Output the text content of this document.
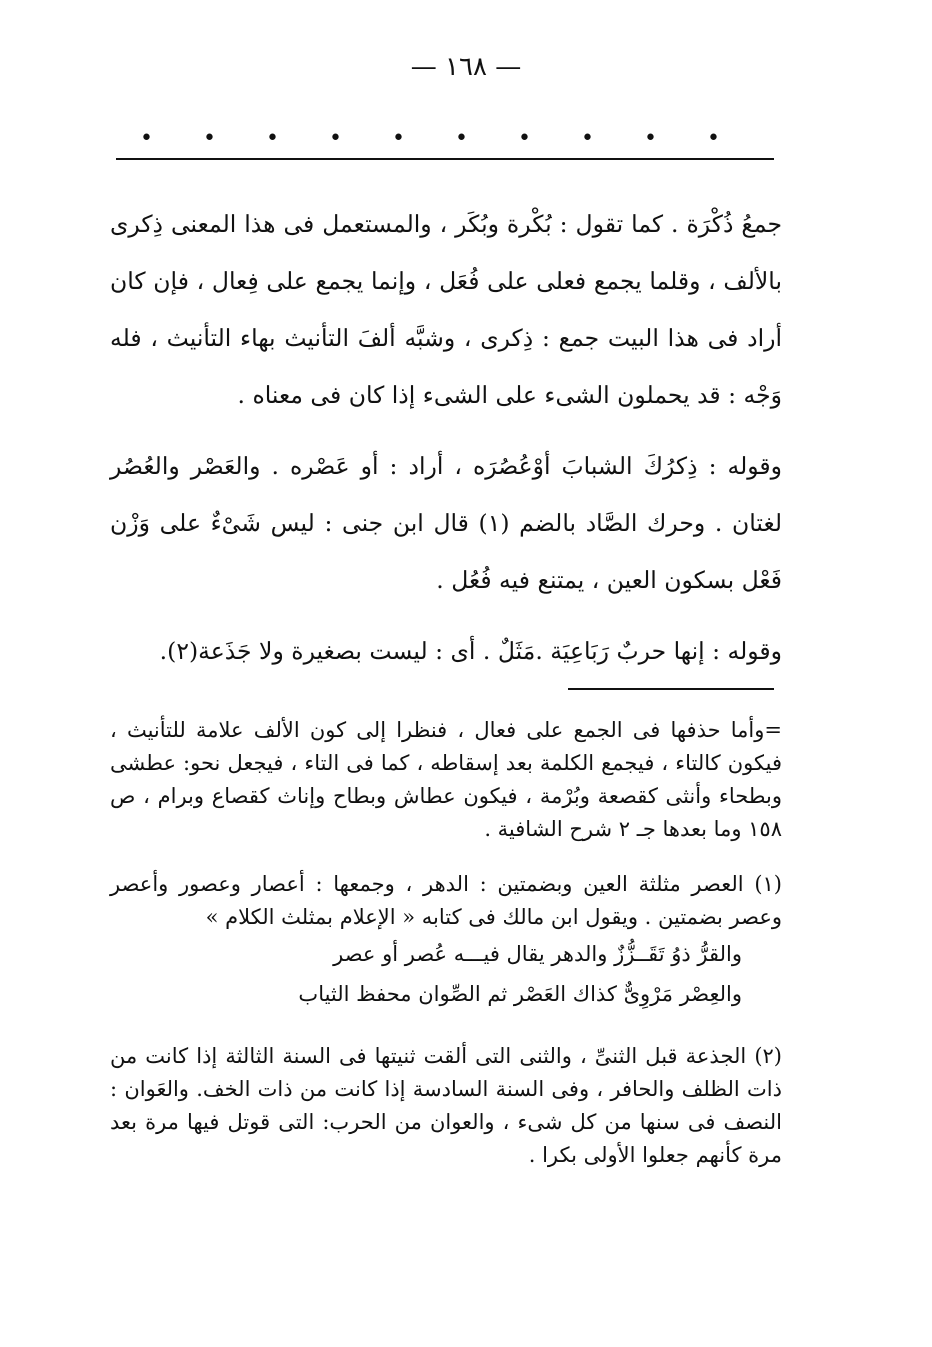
— ١٦٨ —
• • • • • • • • • •

جمعُ ذُكْرَة . كما تقول : بُكْرة وبُكَر ، والمستعمل فى هذا المعنى ذِكرى بالألف ، وقلما يجمع فعلى على فُعَل ، وإنما يجمع على فِعال ، فإن كان أراد فى هذا البيت جمع : ذِكرى ، وشبَّه ألفَ التأنيث بهاء التأنيث ، فله وَجْه : قد يحملون الشىء على الشىء إذا كان فى معناه .

وقوله : ذِكرُكَ الشبابَ أوْعُصُرَه ، أراد : أو عَصْره . والعَصْر والعُصُر لغتان . وحرك الصَّاد بالضم (١) قال ابن جنى : ليس شَىْءٌ على وَزْن فَعْل بسكون العين ، يمتنع فيه فُعُل .

وقوله : إنها حربٌ رَبَاعِيَة .مَثَلٌ . أى : ليست بصغيرة ولا جَذَعة(٢).

=وأما حذفها فى الجمع على فعال ، فنظرا إلى كون الألف علامة للتأنيث ، فيكون كالتاء ، فيجمع الكلمة بعد إسقاطه ، كما فى التاء ، فيجعل نحو: عطشى وبطحاء وأنثى كقصعة وبُرْمة ، فيكون عطاش وبطاح وإناث كقصاع وبرام ، ص ١٥٨ وما بعدها جـ ٢ شرح الشافية .

(١) العصر مثلثة العين وبضمتين : الدهر ، وجمعها : أعصار وعصور وأعصر وعصر بضمتين . ويقول ابن مالك فى كتابه « الإعلام بمثلث الكلام »

والقرُّ ذوُ تَقَــزُّزٌ والدهر يقال فيـــه عُصر أو عصر

والعِصْر مَرْوِىٌّ كذاك العَصْر ثم الصِّوان محفظ الثياب

(٢) الجذعة قبل الثنىِّ ، والثنى التى ألقت ثنيتها فى السنة الثالثة إذا كانت من ذات الظلف والحافر ، وفى السنة السادسة إذا كانت من ذات الخف. والعَوان : النصف فى سنها من كل شىء ، والعوان من الحرب: التى قوتل فيها مرة بعد مرة كأنهم جعلوا الأولى بكرا .
